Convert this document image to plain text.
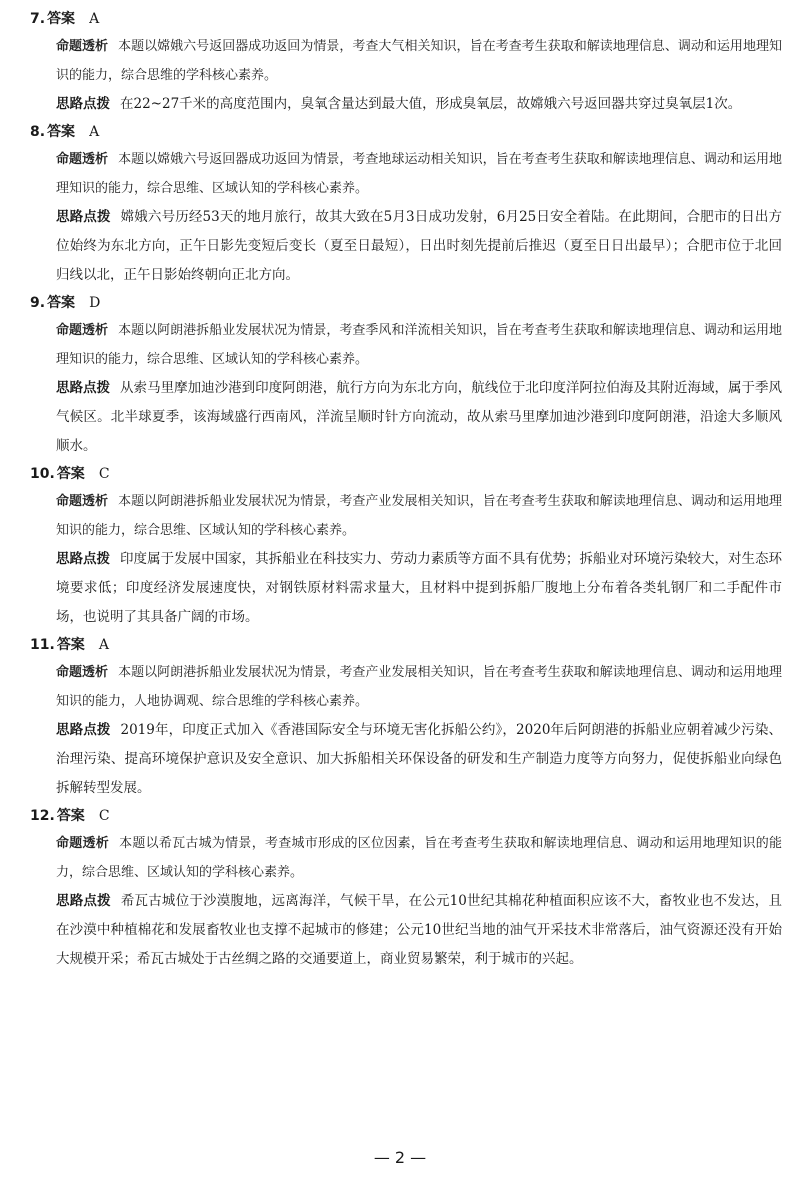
7. 答案 A
命题透析 本题以嫦娥六号返回器成功返回为情景，考查大气相关知识，旨在考查考生获取和解读地理信息、调动和运用地理知识的能力，综合思维的学科核心素养。
思路点拨 在22~27千米的高度范围内，臭氧含量达到最大值，形成臭氧层，故嫦娥六号返回器共穿过臭氧层1次。
8. 答案 A
命题透析 本题以嫦娥六号返回器成功返回为情景，考查地球运动相关知识，旨在考查考生获取和解读地理信息、调动和运用地理知识的能力，综合思维、区域认知的学科核心素养。
思路点拨 嫦娥六号历经53天的地月旅行，故其大致在5月3日成功发射，6月25日安全着陆。在此期间，合肥市的日出方位始终为东北方向，正午日影先变短后变长（夏至日最短），日出时刻先提前后推迟（夏至日日出最早）；合肥市位于北回归线以北，正午日影始终朝向正北方向。
9. 答案 D
命题透析 本题以阿朗港拆船业发展状况为情景，考查季风和洋流相关知识，旨在考查考生获取和解读地理信息、调动和运用地理知识的能力，综合思维、区域认知的学科核心素养。
思路点拨 从索马里摩加迪沙港到印度阿朗港，航行方向为东北方向，航线位于北印度洋阿拉伯海及其附近海域，属于季风气候区。北半球夏季，该海域盛行西南风，洋流呈顺时针方向流动，故从索马里摩加迪沙港到印度阿朗港，沿途大多顺风顺水。
10. 答案 C
命题透析 本题以阿朗港拆船业发展状况为情景，考查产业发展相关知识，旨在考查考生获取和解读地理信息、调动和运用地理知识的能力，综合思维、区域认知的学科核心素养。
思路点拨 印度属于发展中国家，其拆船业在科技实力、劳动力素质等方面不具有优势；拆船业对环境污染较大，对生态环境要求低；印度经济发展速度快，对钢铁原材料需求量大，且材料中提到拆船厂腹地上分布着各类轧钢厂和二手配件市场，也说明了其具备广阔的市场。
11. 答案 A
命题透析 本题以阿朗港拆船业发展状况为情景，考查产业发展相关知识，旨在考查考生获取和解读地理信息、调动和运用地理知识的能力，人地协调观、综合思维的学科核心素养。
思路点拨 2019年，印度正式加入《香港国际安全与环境无害化拆船公约》，2020年后阿朗港的拆船业应朝着减少污染、治理污染、提高环境保护意识及安全意识、加大拆船相关环保设备的研发和生产制造力度等方向努力，促使拆船业向绿色拆解转型发展。
12. 答案 C
命题透析 本题以希瓦古城为情景，考查城市形成的区位因素，旨在考查考生获取和解读地理信息、调动和运用地理知识的能力，综合思维、区域认知的学科核心素养。
思路点拨 希瓦古城位于沙漠腹地，远离海洋，气候干旱，在公元10世纪其棉花种植面积应该不大，畜牧业也不发达，且在沙漠中种植棉花和发展畜牧业也支撑不起城市的修建；公元10世纪当地的油气开采技术非常落后，油气资源还没有开始大规模开采；希瓦古城处于古丝绸之路的交通要道上，商业贸易繁荣，利于城市的兴起。
— 2 —
